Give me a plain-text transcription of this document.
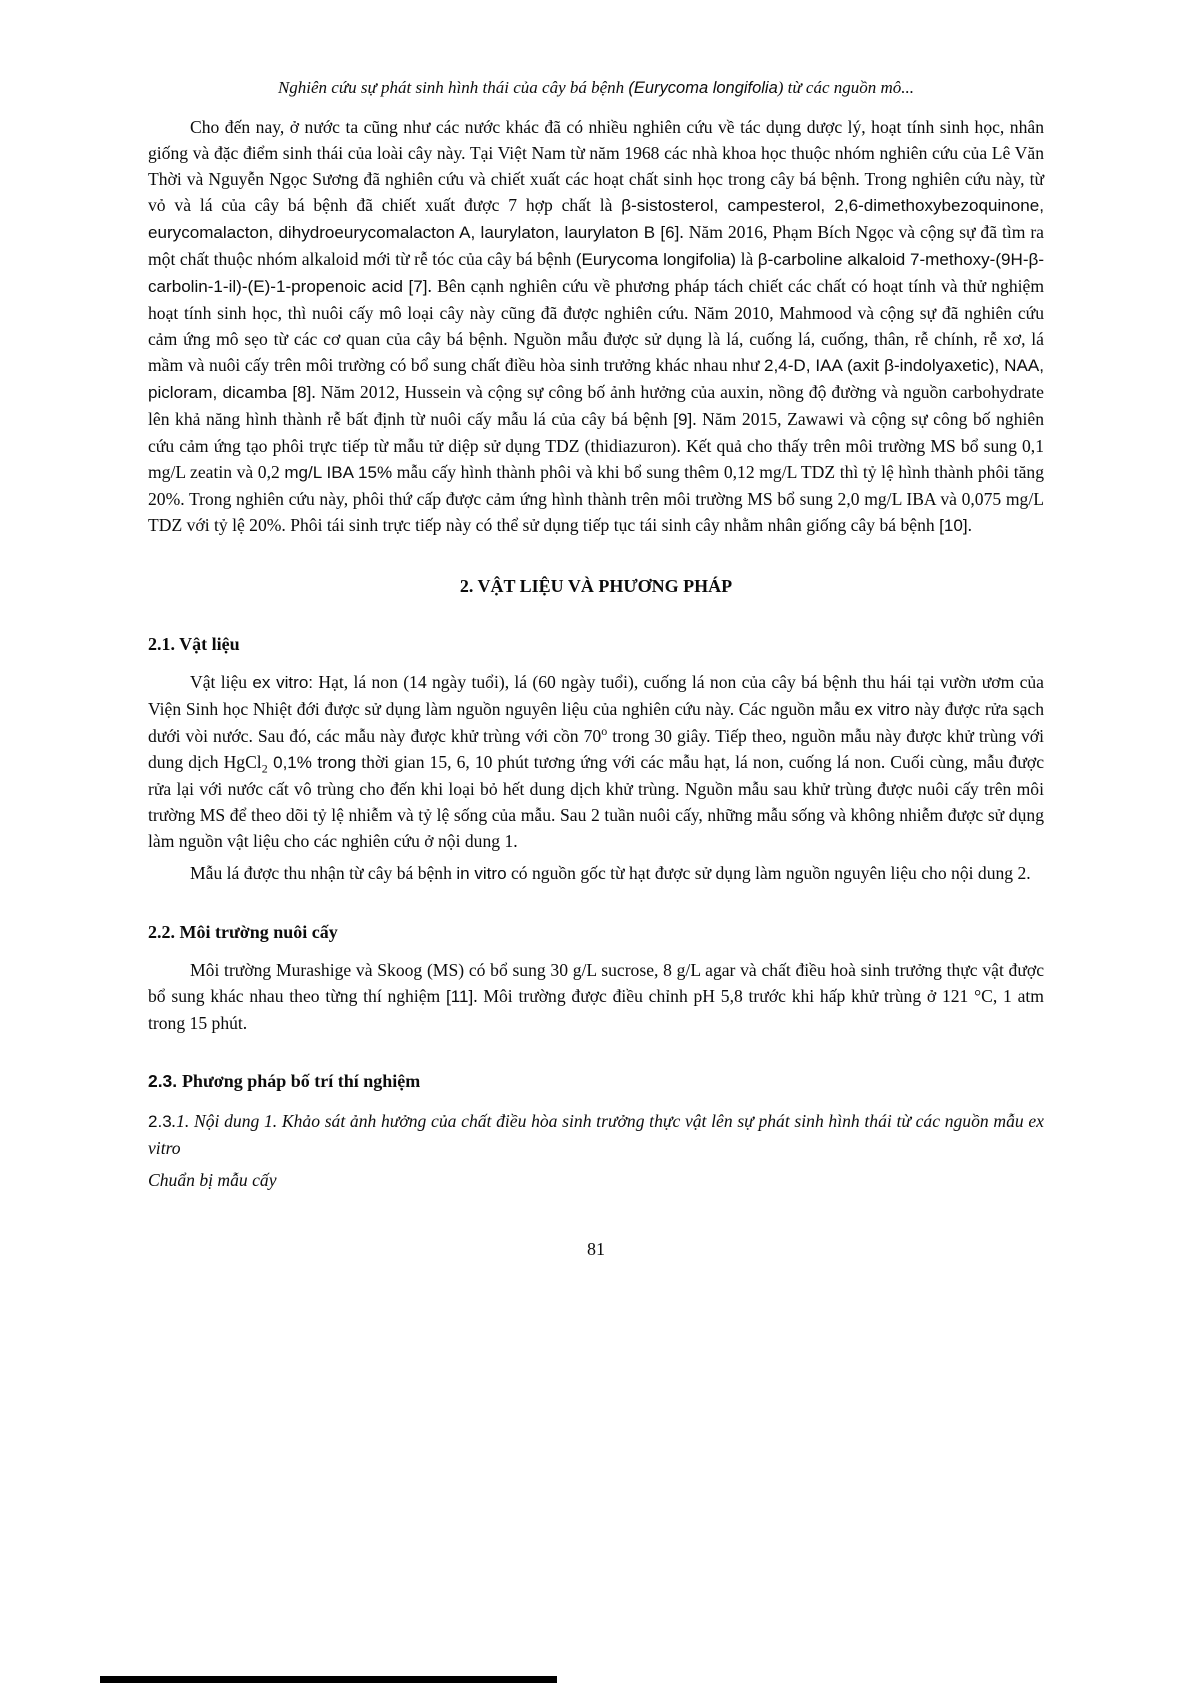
Nghiên cứu sự phát sinh hình thái của cây bá bệnh (Eurycoma longifolia) từ các nguồn mô...

Cho đến nay, ở nước ta cũng như các nước khác đã có nhiều nghiên cứu về tác dụng dược lý, hoạt tính sinh học, nhân giống và đặc điểm sinh thái của loài cây này. Tại Việt Nam từ năm 1968 các nhà khoa học thuộc nhóm nghiên cứu của Lê Văn Thời và Nguyễn Ngọc Sương đã nghiên cứu và chiết xuất các hoạt chất sinh học trong cây bá bệnh. Trong nghiên cứu này, từ vỏ và lá của cây bá bệnh đã chiết xuất được 7 hợp chất là β-sistosterol, campesterol, 2,6-dimethoxybezoquinone, eurycomalacton, dihydroeurycomalacton A, laurylaton, laurylaton B [6]. Năm 2016, Phạm Bích Ngọc và cộng sự đã tìm ra một chất thuộc nhóm alkaloid mới từ rễ tóc của cây bá bệnh (Eurycoma longifolia) là β-carboline alkaloid 7-methoxy-(9H-β-carbolin-1-il)-(E)-1-propenoic acid [7]. Bên cạnh nghiên cứu về phương pháp tách chiết các chất có hoạt tính và thử nghiệm hoạt tính sinh học, thì nuôi cấy mô loại cây này cũng đã được nghiên cứu. Năm 2010, Mahmood và cộng sự đã nghiên cứu cảm ứng mô sẹo từ các cơ quan của cây bá bệnh. Nguồn mẫu được sử dụng là lá, cuống lá, cuống, thân, rễ chính, rễ xơ, lá mầm và nuôi cấy trên môi trường có bổ sung chất điều hòa sinh trưởng khác nhau như 2,4-D, IAA (axit β-indolyaxetic), NAA, picloram, dicamba [8]. Năm 2012, Hussein và cộng sự công bố ảnh hưởng của auxin, nồng độ đường và nguồn carbohydrate lên khả năng hình thành rễ bất định từ nuôi cấy mẫu lá của cây bá bệnh [9]. Năm 2015, Zawawi và cộng sự công bố nghiên cứu cảm ứng tạo phôi trực tiếp từ mẫu tử diệp sử dụng TDZ (thidiazuron). Kết quả cho thấy trên môi trường MS bổ sung 0,1 mg/L zeatin và 0,2 mg/L IBA 15% mẫu cấy hình thành phôi và khi bổ sung thêm 0,12 mg/L TDZ thì tỷ lệ hình thành phôi tăng 20%. Trong nghiên cứu này, phôi thứ cấp được cảm ứng hình thành trên môi trường MS bổ sung 2,0 mg/L IBA và 0,075 mg/L TDZ với tỷ lệ 20%. Phôi tái sinh trực tiếp này có thể sử dụng tiếp tục tái sinh cây nhằm nhân giống cây bá bệnh [10].

2. VẬT LIỆU VÀ PHƯƠNG PHÁP
2.1. Vật liệu

Vật liệu ex vitro: Hạt, lá non (14 ngày tuổi), lá (60 ngày tuổi), cuống lá non của cây bá bệnh thu hái tại vườn ươm của Viện Sinh học Nhiệt đới được sử dụng làm nguồn nguyên liệu của nghiên cứu này. Các nguồn mẫu ex vitro này được rửa sạch dưới vòi nước. Sau đó, các mẫu này được khử trùng với cồn 70$^o$ trong 30 giây. Tiếp theo, nguồn mẫu này được khử trùng với dung dịch HgCl$_2$ 0,1% trong thời gian 15, 6, 10 phút tương ứng với các mẫu hạt, lá non, cuống lá non. Cuối cùng, mẫu được rửa lại với nước cất vô trùng cho đến khi loại bỏ hết dung dịch khử trùng. Nguồn mẫu sau khử trùng được nuôi cấy trên môi trường MS để theo dõi tỷ lệ nhiễm và tỷ lệ sống của mẫu. Sau 2 tuần nuôi cấy, những mẫu sống và không nhiễm được sử dụng làm nguồn vật liệu cho các nghiên cứu ở nội dung 1.

Mẫu lá được thu nhận từ cây bá bệnh in vitro có nguồn gốc từ hạt được sử dụng làm nguồn nguyên liệu cho nội dung 2.

2.2. Môi trường nuôi cấy

Môi trường Murashige và Skoog (MS) có bổ sung 30 g/L sucrose, 8 g/L agar và chất điều hoà sinh trưởng thực vật được bổ sung khác nhau theo từng thí nghiệm [11]. Môi trường được điều chỉnh pH 5,8 trước khi hấp khử trùng ở 121 °C, 1 atm trong 15 phút.

2.3. Phương pháp bố trí thí nghiệm

2.3.1. Nội dung 1. Khảo sát ảnh hưởng của chất điều hòa sinh trưởng thực vật lên sự phát sinh hình thái từ các nguồn mẫu ex vitro

Chuẩn bị mẫu cấy

81
